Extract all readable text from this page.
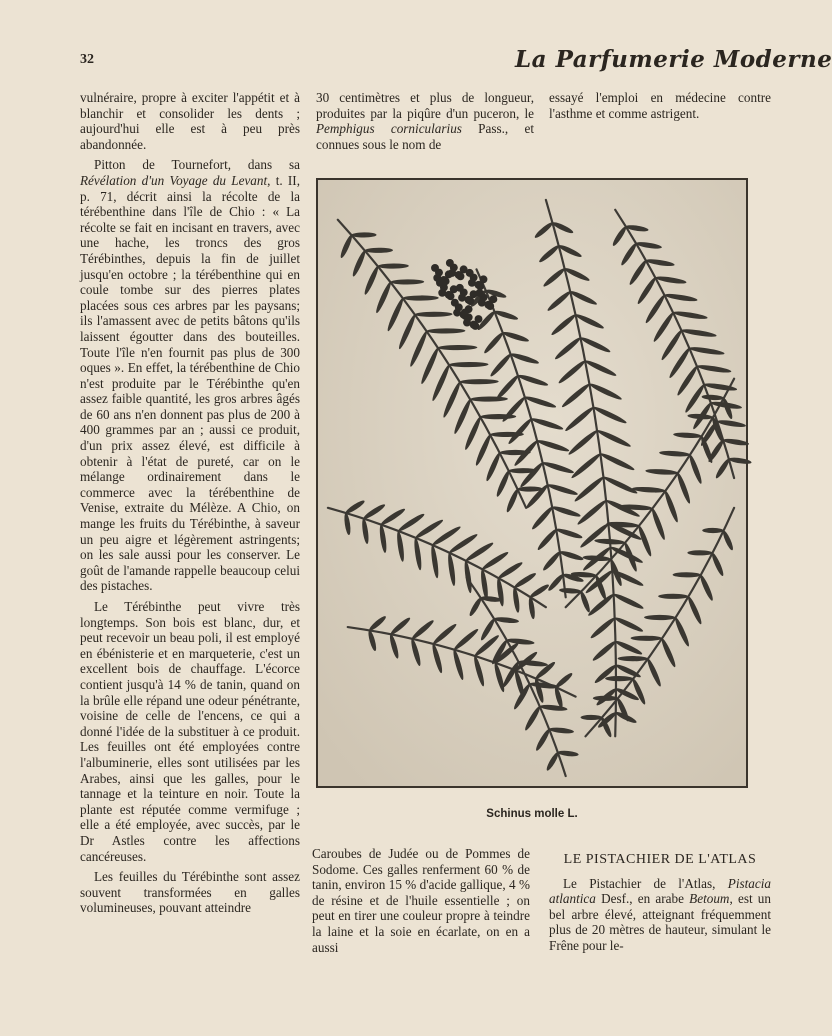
32	La Parfumerie Moderne

vulnéraire, propre à exciter l'appétit et à blanchir et consolider les dents ; aujourd'hui elle est à peu près abandonnée.

Pitton de Tournefort, dans sa Révélation d'un Voyage du Levant, t. II, p. 71, décrit ainsi la récolte de la térébenthine dans l'île de Chio : « La récolte se fait en incisant en travers, avec une hache, les troncs des gros Térébinthes, depuis la fin de juillet jusqu'en octobre ; la térébenthine qui en coule tombe sur des pierres plates placées sous ces arbres par les paysans; ils l'amassent avec de petits bâtons qu'ils laissent égoutter dans des bouteilles. Toute l'île n'en fournit pas plus de 300 oques ». En effet, la térébenthine de Chio n'est produite par le Térébinthe qu'en assez faible quantité, les gros arbres âgés de 60 ans n'en donnent pas plus de 200 à 400 grammes par an ; aussi ce produit, d'un prix assez élevé, est difficile à obtenir à l'état de pureté, car on le mélange ordinairement dans le commerce avec la térébenthine de Venise, extraite du Mélèze. A Chio, on mange les fruits du Térébinthe, à saveur un peu aigre et légèrement astringents; on les sale aussi pour les conserver. Le goût de l'amande rappelle beaucoup celui des pistaches.

Le Térébinthe peut vivre très longtemps. Son bois est blanc, dur, et peut recevoir un beau poli, il est employé en ébénisterie et en marqueterie, c'est un excellent bois de chauffage. L'écorce contient jusqu'à 14 % de tanin, quand on la brûle elle répand une odeur pénétrante, voisine de celle de l'encens, ce qui a donné l'idée de la substituer à ce produit. Les feuilles ont été employées contre l'albuminerie, elles sont utilisées par les Arabes, ainsi que les galles, pour le tannage et la teinture en noir. Toute la plante est réputée comme vermifuge ; elle a été employée, avec succès, par le Dr Astles contre les affections cancéreuses.

Les feuilles du Térébinthe sont assez souvent transformées en galles volumineuses, pouvant atteindre

30 centimètres et plus de longueur, produites par la piqûre d'un puceron, le Pemphigus cornicularius Pass., et connues sous le nom de

essayé l'emploi en médecine contre l'asthme et comme astrigent.

Schinus molle L.

Caroubes de Judée ou de Pommes de Sodome. Ces galles renferment 60 % de tanin, environ 15 % d'acide gallique, 4 % de résine et de l'huile essentielle ; on peut en tirer une couleur propre à teindre la laine et la soie en écarlate, on en a aussi

LE PISTACHIER DE L'ATLAS

Le Pistachier de l'Atlas, Pistacia atlantica Desf., en arabe Betoum, est un bel arbre élevé, atteignant fréquemment plus de 20 mètres de hauteur, simulant le Frêne pour le-
